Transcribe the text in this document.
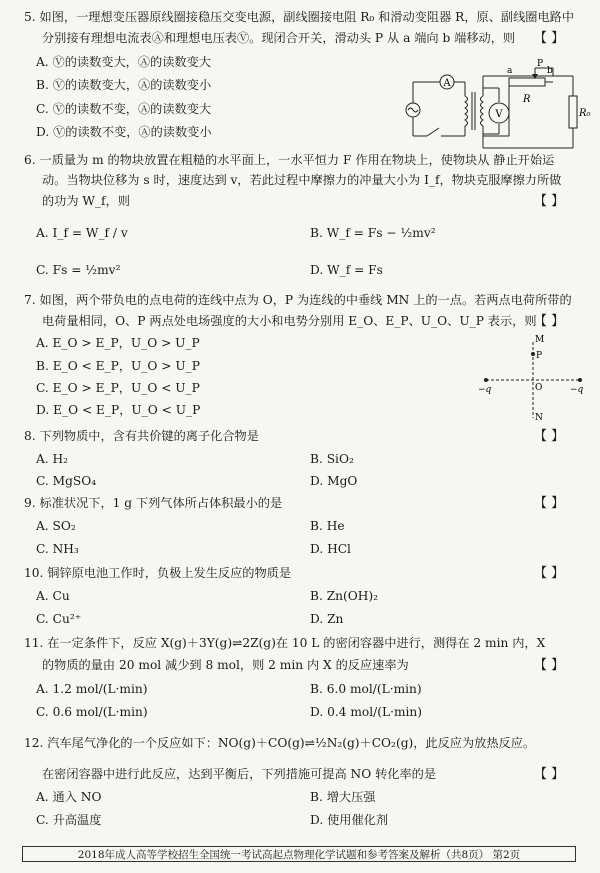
5. 如图，一理想变压器原线圈接稳压交变电源，副线圈接电阻 R₀ 和滑动变阻器 R，原、副线圈电路中
分别接有理想电流表Ⓐ和理想电压表Ⓥ。现闭合开关，滑动头 P 从 a 端向 b 端移动，则 【 】
A. Ⓥ的读数变大，Ⓐ的读数变大
B. Ⓥ的读数变大，Ⓐ的读数变小
C. Ⓥ的读数不变，Ⓐ的读数变大
D. Ⓥ的读数不变，Ⓐ的读数变小
A
V
R
R₀
a
P
b
6. 一质量为 m 的物块放置在粗糙的水平面上，一水平恒力 F 作用在物块上，使物块从 静止开始运
动。当物块位移为 s 时，速度达到 v，若此过程中摩擦力的冲量大小为 I_f，物块克服摩擦力所做
的功为 W_f，则	【 】
A. I_f = W_f / v	B. W_f = Fs − ½mv²
C. Fs = ½mv²	D. W_f = Fs
7. 如图，两个带负电的点电荷的连线中点为 O，P 为连线的中垂线 MN 上的一点。若两点电荷所带的
电荷量相同，O、P 两点处电场强度的大小和电势分别用 E_O、E_P、U_O、U_P 表示，则
【 】
A. E_O > E_P，U_O > U_P
B. E_O < E_P，U_O > U_P
C. E_O > E_P，U_O < U_P
D. E_O < E_P，U_O < U_P
M
P
O
N
−q	−q
8. 下列物质中，含有共价键的离子化合物是	【 】
A. H₂	B. SiO₂
C. MgSO₄	D. MgO
9. 标准状况下，1 g 下列气体所占体积最小的是	【 】
A. SO₂	B. He
C. NH₃	D. HCl
10. 铜锌原电池工作时，负极上发生反应的物质是	【 】
A. Cu	B. Zn(OH)₂
C. Cu²⁺	D. Zn
11. 在一定条件下，反应 X(g)＋3Y(g)⇌2Z(g)在 10 L 的密闭容器中进行，测得在 2 min 内，X
的物质的量由 20 mol 减少到 8 mol，则 2 min 内 X 的反应速率为	【 】
A. 1.2 mol/(L·min)	B. 6.0 mol/(L·min)
C. 0.6 mol/(L·min)	D. 0.4 mol/(L·min)
12. 汽车尾气净化的一个反应如下：NO(g)＋CO(g)⇌½N₂(g)＋CO₂(g)，此反应为放热反应。
在密闭容器中进行此反应，达到平衡后，下列措施可提高 NO 转化率的是	【 】
A. 通入 NO	B. 增大压强
C. 升高温度	D. 使用催化剂
2018年成人高等学校招生全国统一考试高起点物理化学试题和参考答案及解析（共8页） 第2页
